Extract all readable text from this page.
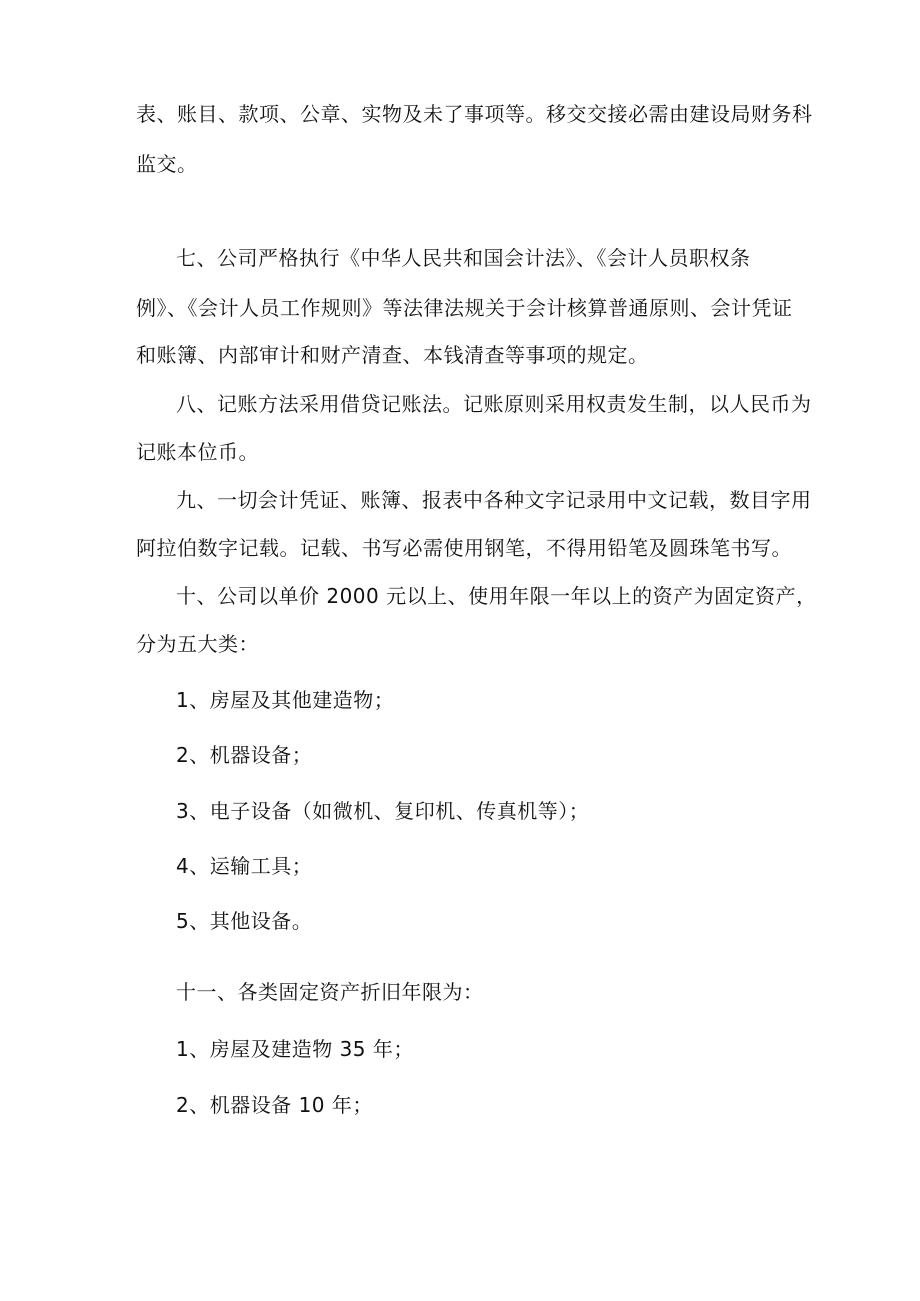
表、账目、款项、公章、实物及未了事项等。移交交接必需由建设局财务科
监交。
七、公司严格执行《中华人民共和国会计法》、《会计人员职权条
例》、《会计人员工作规则》等法律法规关于会计核算普通原则、会计凭证
和账簿、内部审计和财产清查、本钱清查等事项的规定。
八、记账方法采用借贷记账法。记账原则采用权责发生制，以人民币为
记账本位币。
九、一切会计凭证、账簿、报表中各种文字记录用中文记载，数目字用
阿拉伯数字记载。记载、书写必需使用钢笔，不得用铅笔及圆珠笔书写。
十、公司以单价 2000 元以上、使用年限一年以上的资产为固定资产，
分为五大类：
1、房屋及其他建造物；
2、机器设备；
3、电子设备（如微机、复印机、传真机等）；
4、运输工具；
5、其他设备。
十一、各类固定资产折旧年限为：
1、房屋及建造物 35 年；
2、机器设备 10 年；
